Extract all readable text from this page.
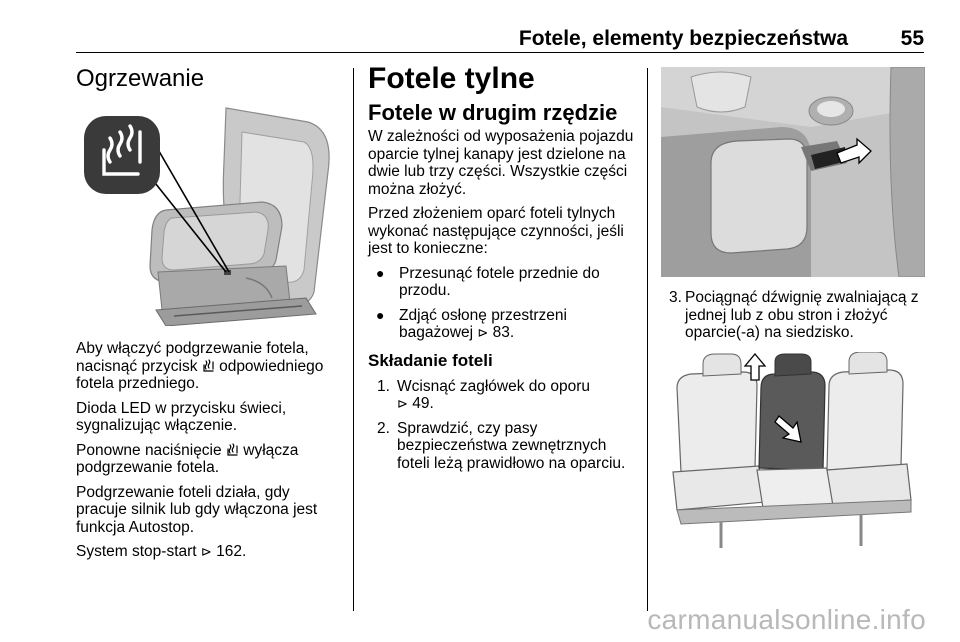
Fotele, elementy bezpieczeństwa	55
Ogrzewanie

Aby włączyć podgrzewanie fotela, nacisnąć przycisk  odpowiedniego fotela przedniego.

Dioda LED w przycisku świeci, sygnalizując włączenie.

Ponowne naciśnięcie  wyłącza podgrzewanie fotela.

Podgrzewanie foteli działa, gdy pracuje silnik lub gdy włączona jest funkcja Autostop.

System stop-start ⊳ 162.

Fotele tylne
Fotele w drugim rzędzie

W zależności od wyposażenia pojazdu oparcie tylnej kanapy jest dzielone na dwie lub trzy części. Wszystkie części można złożyć.

Przed złożeniem oparć foteli tylnych wykonać następujące czynności, jeśli jest to konieczne:

● Przesunąć fotele przednie do przodu.
● Zdjąć osłonę przestrzeni bagażowej ⊳ 83.
Składanie foteli
1. Wcisnąć zagłówek do oporu
⊳ 49.
2. Sprawdzić, czy pasy bezpieczeństwa zewnętrznych foteli leżą prawidłowo na oparciu.
3. Pociągnąć dźwignię zwalniającą z jednej lub z obu stron i złożyć oparcie(-a) na siedzisko.
carmanualsonline.info
